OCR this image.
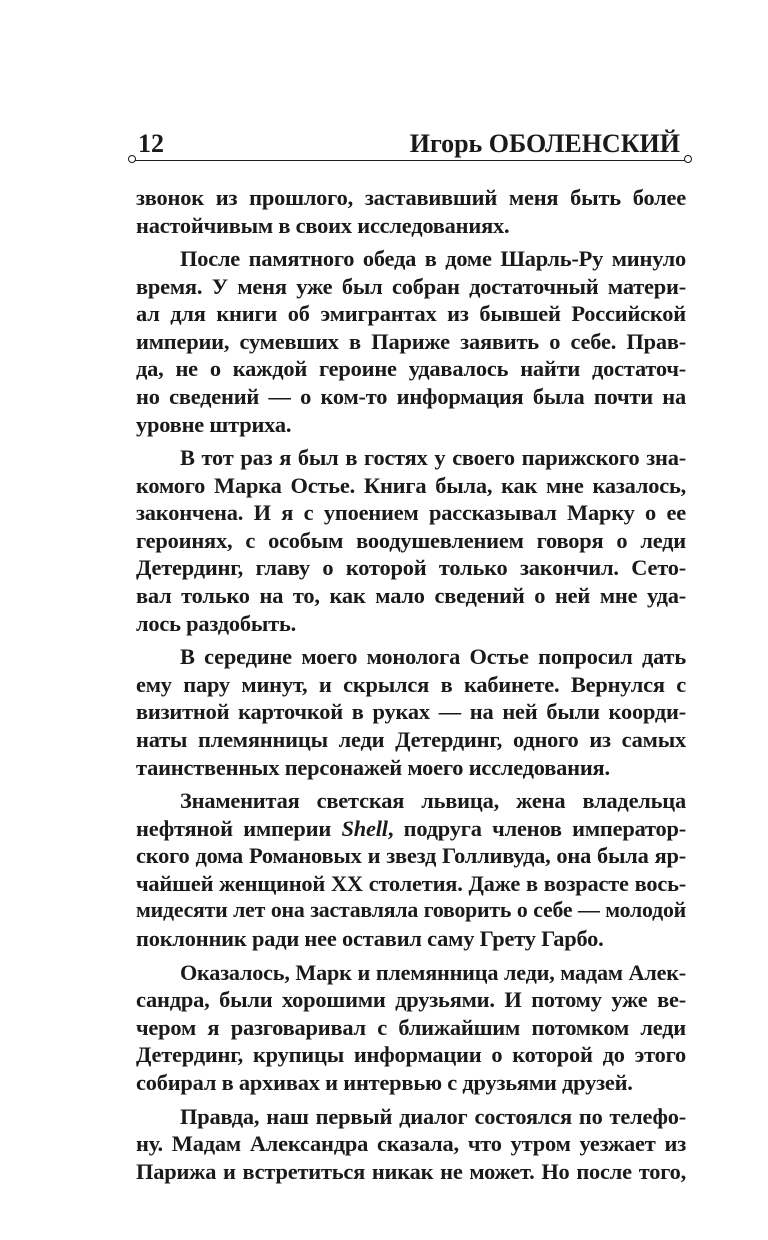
12	Игорь ОБОЛЕНСКИЙ
звонок из прошлого, заставивший меня быть более
настойчивым в своих исследованиях.
После памятного обеда в доме Шарль-Ру минуло
время. У меня уже был собран достаточный матери-
ал для книги об эмигрантах из бывшей Российской
империи, сумевших в Париже заявить о себе. Прав-
да, не о каждой героине удавалось найти достаточ-
но сведений — о ком-то информация была почти на
уровне штриха.
В тот раз я был в гостях у своего парижского зна-
комого Марка Остье. Книга была, как мне казалось,
закончена. И я с упоением рассказывал Марку о ее
героинях, с особым воодушевлением говоря о леди
Детердинг, главу о которой только закончил. Сето-
вал только на то, как мало сведений о ней мне уда-
лось раздобыть.
В середине моего монолога Остье попросил дать
ему пару минут, и скрылся в кабинете. Вернулся с
визитной карточкой в руках — на ней были коорди-
наты племянницы леди Детердинг, одного из самых
таинственных персонажей моего исследования.
Знаменитая светская львица, жена владельца
нефтяной империи Shell, подруга членов император-
ского дома Романовых и звезд Голливуда, она была яр-
чайшей женщиной XX столетия. Даже в возрасте вось-
мидесяти лет она заставляла говорить о себе — молодой
поклонник ради нее оставил саму Грету Гарбо.
Оказалось, Марк и племянница леди, мадам Алек-
сандра, были хорошими друзьями. И потому уже ве-
чером я разговаривал с ближайшим потомком леди
Детердинг, крупицы информации о которой до этого
собирал в архивах и интервью с друзьями друзей.
Правда, наш первый диалог состоялся по телефо-
ну. Мадам Александра сказала, что утром уезжает из
Парижа и встретиться никак не может. Но после того,
